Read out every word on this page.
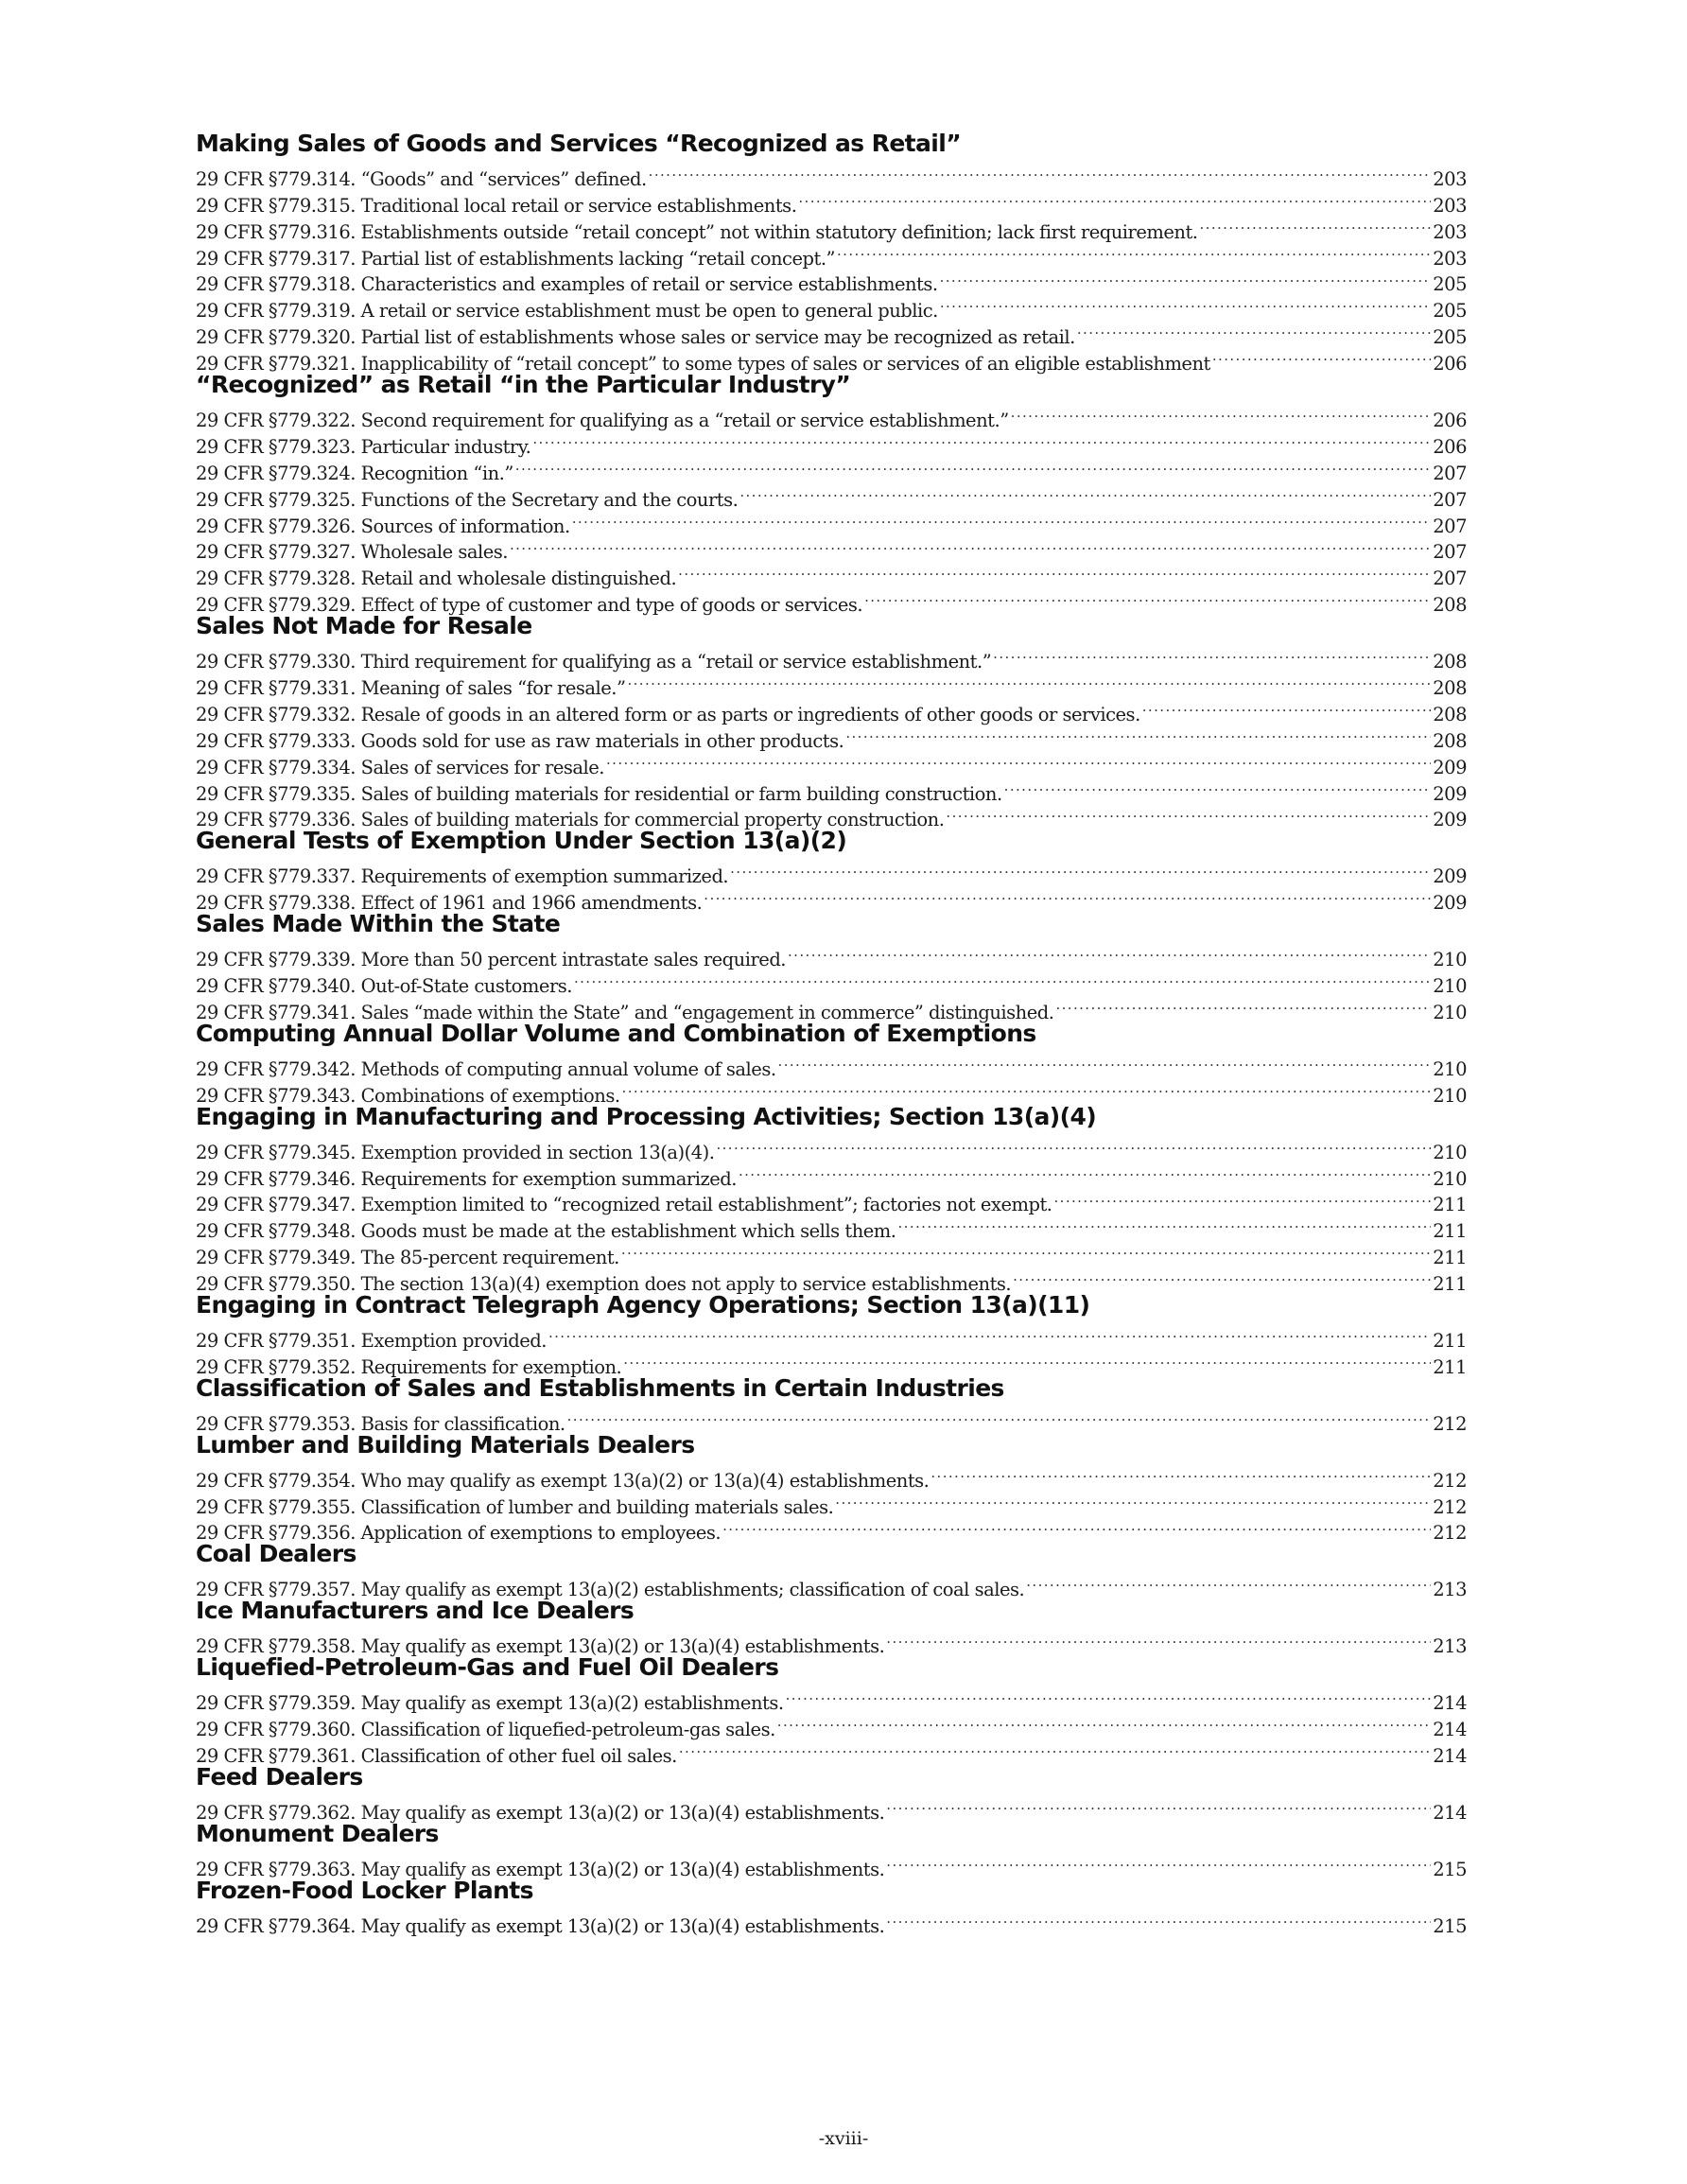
Making Sales of Goods and Services “Recognized as Retail”
29 CFR §779.314. “Goods” and “services” defined. .....	203
29 CFR §779.315. Traditional local retail or service establishments. .....	203
29 CFR §779.316. Establishments outside “retail concept” not within statutory definition; lack first requirement. .....	203
29 CFR §779.317. Partial list of establishments lacking “retail concept.” .....	203
29 CFR §779.318. Characteristics and examples of retail or service establishments. .....	205
29 CFR §779.319. A retail or service establishment must be open to general public. .....	205
29 CFR §779.320. Partial list of establishments whose sales or service may be recognized as retail. .....	205
29 CFR §779.321. Inapplicability of “retail concept” to some types of sales or services of an eligible establishment .....	206
“Recognized” as Retail “in the Particular Industry”
29 CFR §779.322. Second requirement for qualifying as a “retail or service establishment.” .....	206
29 CFR §779.323. Particular industry. .....	206
29 CFR §779.324. Recognition “in.” .....	207
29 CFR §779.325. Functions of the Secretary and the courts. .....	207
29 CFR §779.326. Sources of information. .....	207
29 CFR §779.327. Wholesale sales. .....	207
29 CFR §779.328. Retail and wholesale distinguished. .....	207
29 CFR §779.329. Effect of type of customer and type of goods or services. .....	208
Sales Not Made for Resale
29 CFR §779.330. Third requirement for qualifying as a “retail or service establishment.” .....	208
29 CFR §779.331. Meaning of sales “for resale.” .....	208
29 CFR §779.332. Resale of goods in an altered form or as parts or ingredients of other goods or services. .....	208
29 CFR §779.333. Goods sold for use as raw materials in other products. .....	208
29 CFR §779.334. Sales of services for resale. .....	209
29 CFR §779.335. Sales of building materials for residential or farm building construction. .....	209
29 CFR §779.336. Sales of building materials for commercial property construction. .....	209
General Tests of Exemption Under Section 13(a)(2)
29 CFR §779.337. Requirements of exemption summarized. .....	209
29 CFR §779.338. Effect of 1961 and 1966 amendments. .....	209
Sales Made Within the State
29 CFR §779.339. More than 50 percent intrastate sales required. .....	210
29 CFR §779.340. Out-of-State customers. .....	210
29 CFR §779.341. Sales “made within the State” and “engagement in commerce” distinguished. .....	210
Computing Annual Dollar Volume and Combination of Exemptions
29 CFR §779.342. Methods of computing annual volume of sales. .....	210
29 CFR §779.343. Combinations of exemptions. .....	210
Engaging in Manufacturing and Processing Activities; Section 13(a)(4)
29 CFR §779.345. Exemption provided in section 13(a)(4). .....	210
29 CFR §779.346. Requirements for exemption summarized. .....	210
29 CFR §779.347. Exemption limited to “recognized retail establishment”; factories not exempt. .....	211
29 CFR §779.348. Goods must be made at the establishment which sells them. .....	211
29 CFR §779.349. The 85-percent requirement. .....	211
29 CFR §779.350. The section 13(a)(4) exemption does not apply to service establishments. .....	211
Engaging in Contract Telegraph Agency Operations; Section 13(a)(11)
29 CFR §779.351. Exemption provided. .....	211
29 CFR §779.352. Requirements for exemption. .....	211
Classification of Sales and Establishments in Certain Industries
29 CFR §779.353. Basis for classification. .....	212
Lumber and Building Materials Dealers
29 CFR §779.354. Who may qualify as exempt 13(a)(2) or 13(a)(4) establishments. .....	212
29 CFR §779.355. Classification of lumber and building materials sales. .....	212
29 CFR §779.356. Application of exemptions to employees. .....	212
Coal Dealers
29 CFR §779.357. May qualify as exempt 13(a)(2) establishments; classification of coal sales. .....	213
Ice Manufacturers and Ice Dealers
29 CFR §779.358. May qualify as exempt 13(a)(2) or 13(a)(4) establishments. .....	213
Liquefied-Petroleum-Gas and Fuel Oil Dealers
29 CFR §779.359. May qualify as exempt 13(a)(2) establishments. .....	214
29 CFR §779.360. Classification of liquefied-petroleum-gas sales. .....	214
29 CFR §779.361. Classification of other fuel oil sales. .....	214
Feed Dealers
29 CFR §779.362. May qualify as exempt 13(a)(2) or 13(a)(4) establishments. .....	214
Monument Dealers
29 CFR §779.363. May qualify as exempt 13(a)(2) or 13(a)(4) establishments. .....	215
Frozen-Food Locker Plants
29 CFR §779.364. May qualify as exempt 13(a)(2) or 13(a)(4) establishments. .....	215
-xviii-
